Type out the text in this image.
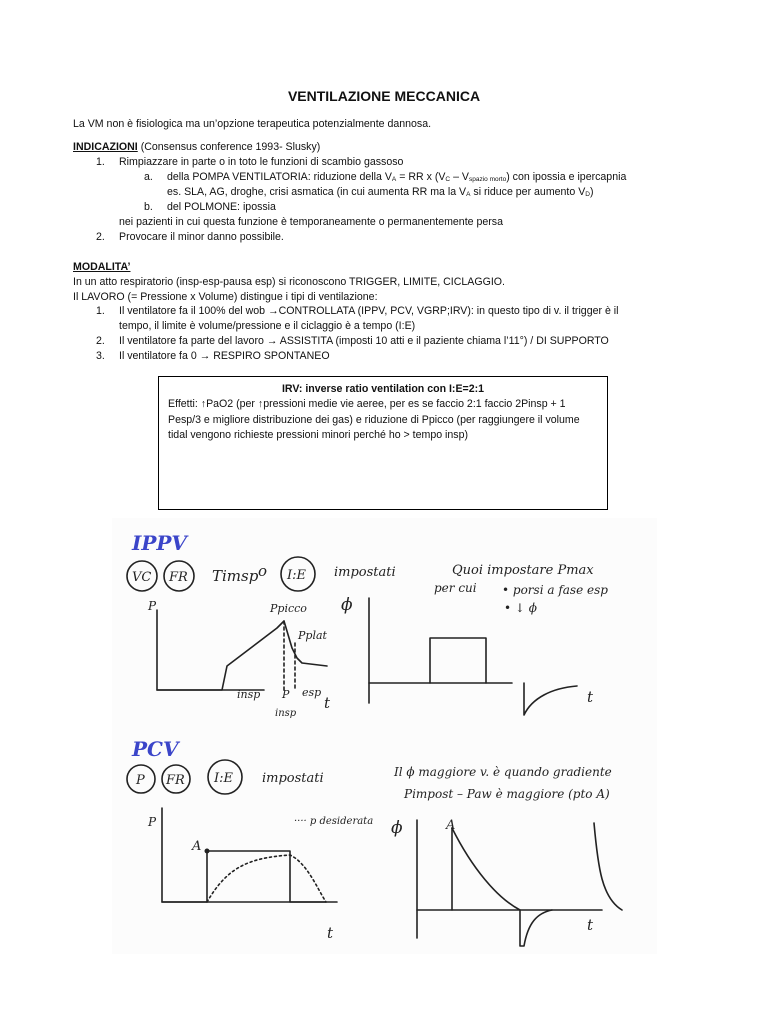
VENTILAZIONE MECCANICA
La VM non è fisiologica ma un’opzione terapeutica potenzialmente dannosa.
INDICAZIONI (Consensus conference 1993- Slusky)
1. Rimpiazzare in parte o in toto le funzioni di scambio gassoso
a. della POMPA VENTILATORIA: riduzione della $V_A$ = RR x $(V_C - V_{spazio morto})$ con ipossia e ipercapnia
es. SLA, AG, droghe, crisi asmatica (in cui aumenta RR ma la $V_A$ si riduce per aumento $V_D$)
b. del POLMONE: ipossia
nei pazienti in cui questa funzione è temporaneamente o permanentemente persa
2. Provocare il minor danno possibile.
MODALITA’
In un atto respiratorio (insp-esp-pausa esp) si riconoscono TRIGGER, LIMITE, CICLAGGIO.
Il LAVORO (= Pressione x Volume) distingue i tipi di ventilazione:
1. Il ventilatore fa il 100% del wob →CONTROLLATA (IPPV, PCV, VGRP;IRV): in questo tipo di v. il trigger è il
tempo, il limite è volume/pressione e il ciclaggio è a tempo (I:E)
2. Il ventilatore fa parte del lavoro → ASSISTITA (imposti 10 atti e il paziente chiama l’11°) / DI SUPPORTO
3. Il ventilatore fa 0 → RESPIRO SPONTANEO
IRV: inverse ratio ventilation con I:E=2:1
Effetti: ↑PaO2 (per ↑pressioni medie vie aeree, per es se faccio 2:1 faccio 2Pinsp + 1 Pesp/3 e migliore distribuzione dei gas) e riduzione di Ppicco (per raggiungere il volume tidal vengono richieste pressioni minori perché ho > tempo insp)
IPPV
VC FR Timsp o I:E impostati	Quoi impostare Pmax
per cui • porsi a fase esp
• ↓ ϕ
P	Ppicco
Pplat
insp P esp
insp
t
ϕ
t
PCV
P FR I:E impostati	Il ϕ maggiore v. è quando gradiente
Pimpost – Paw è maggiore (pto A)
···· p desiderata
P
A
t
ϕ	A
t
